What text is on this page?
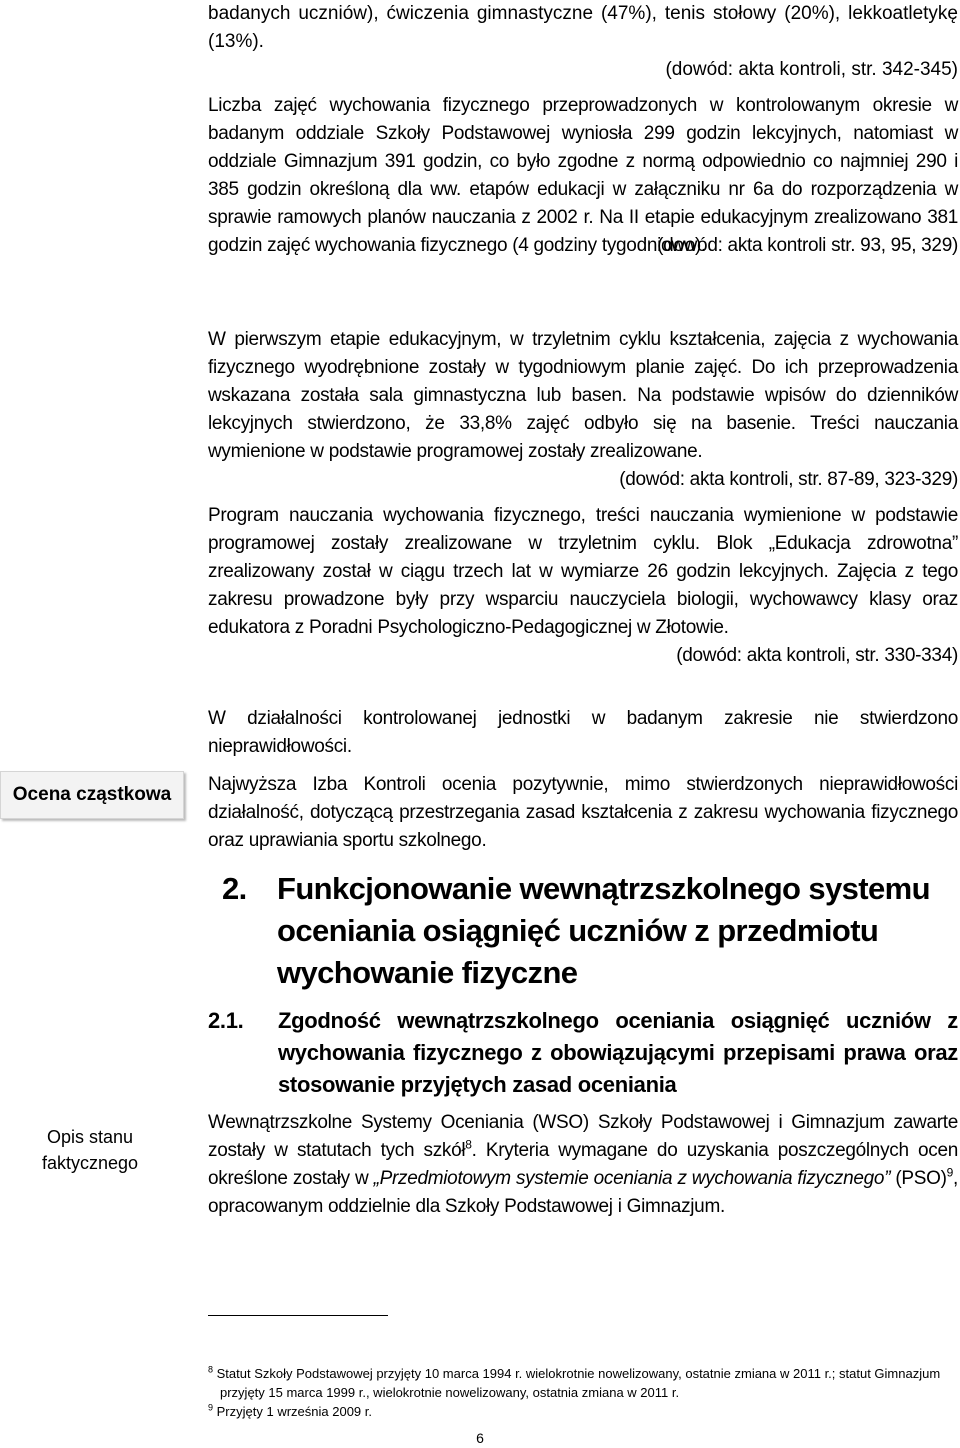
badanych uczniów), ćwiczenia gimnastyczne (47%), tenis stołowy (20%), lekkoatletykę (13%).
(dowód: akta kontroli, str. 342-345)
Liczba zajęć wychowania fizycznego przeprowadzonych w kontrolowanym okresie w badanym oddziale Szkoły Podstawowej wyniosła 299 godzin lekcyjnych, natomiast w oddziale Gimnazjum 391 godzin, co było zgodne z normą odpowiednio co najmniej 290 i 385 godzin określoną dla ww. etapów edukacji w załączniku nr 6a do rozporządzenia w sprawie ramowych planów nauczania z 2002 r. Na II etapie edukacyjnym zrealizowano 381 godzin zajęć wychowania fizycznego (4 godziny tygodniowo).
(dowód: akta kontroli str. 93, 95, 329)
W pierwszym etapie edukacyjnym, w trzyletnim cyklu kształcenia, zajęcia z wychowania fizycznego wyodrębnione zostały w tygodniowym planie zajęć. Do ich przeprowadzenia wskazana została sala gimnastyczna lub basen. Na podstawie wpisów do dzienników lekcyjnych stwierdzono, że 33,8% zajęć odbyło się na basenie. Treści nauczania wymienione w podstawie programowej zostały zrealizowane.
(dowód: akta kontroli, str. 87-89, 323-329)
Program nauczania wychowania fizycznego, treści nauczania wymienione w podstawie programowej zostały zrealizowane w trzyletnim cyklu. Blok „Edukacja zdrowotna” zrealizowany został w ciągu trzech lat w wymiarze 26 godzin lekcyjnych. Zajęcia z tego zakresu prowadzone były przy wsparciu nauczyciela biologii, wychowawcy klasy oraz edukatora z Poradni Psychologiczno-Pedagogicznej w Złotowie.
(dowód: akta kontroli, str. 330-334)
W działalności kontrolowanej jednostki w badanym zakresie nie stwierdzono nieprawidłowości.
Ocena cząstkowa Najwyższa Izba Kontroli ocenia pozytywnie, mimo stwierdzonych nieprawidłowości działalność, dotyczącą przestrzegania zasad kształcenia z zakresu wychowania fizycznego oraz uprawiania sportu szkolnego.
2. Funkcjonowanie wewnątrzszkolnego systemu oceniania osiągnięć uczniów z przedmiotu wychowanie fizyczne
2.1.	Zgodność wewnątrzszkolnego oceniania osiągnięć uczniów z wychowania fizycznego z obowiązującymi przepisami prawa oraz stosowanie przyjętych zasad oceniania
Opis stanu faktycznego
Wewnątrzszkolne Systemy Oceniania (WSO) Szkoły Podstawowej i Gimnazjum zawarte zostały w statutach tych szkół$^8$. Kryteria wymagane do uzyskania poszczególnych ocen określone zostały w „Przedmiotowym systemie oceniania z wychowania fizycznego” (PSO)$^9$, opracowanym oddzielnie dla Szkoły Podstawowej i Gimnazjum.
$^8$ Statut Szkoły Podstawowej przyjęty 10 marca 1994 r. wielokrotnie nowelizowany, ostatnie zmiana w 2011 r.; statut Gimnazjum przyjęty 15 marca 1999 r., wielokrotnie nowelizowany, ostatnia zmiana w 2011 r.
$^9$ Przyjęty 1 września 2009 r.
6
